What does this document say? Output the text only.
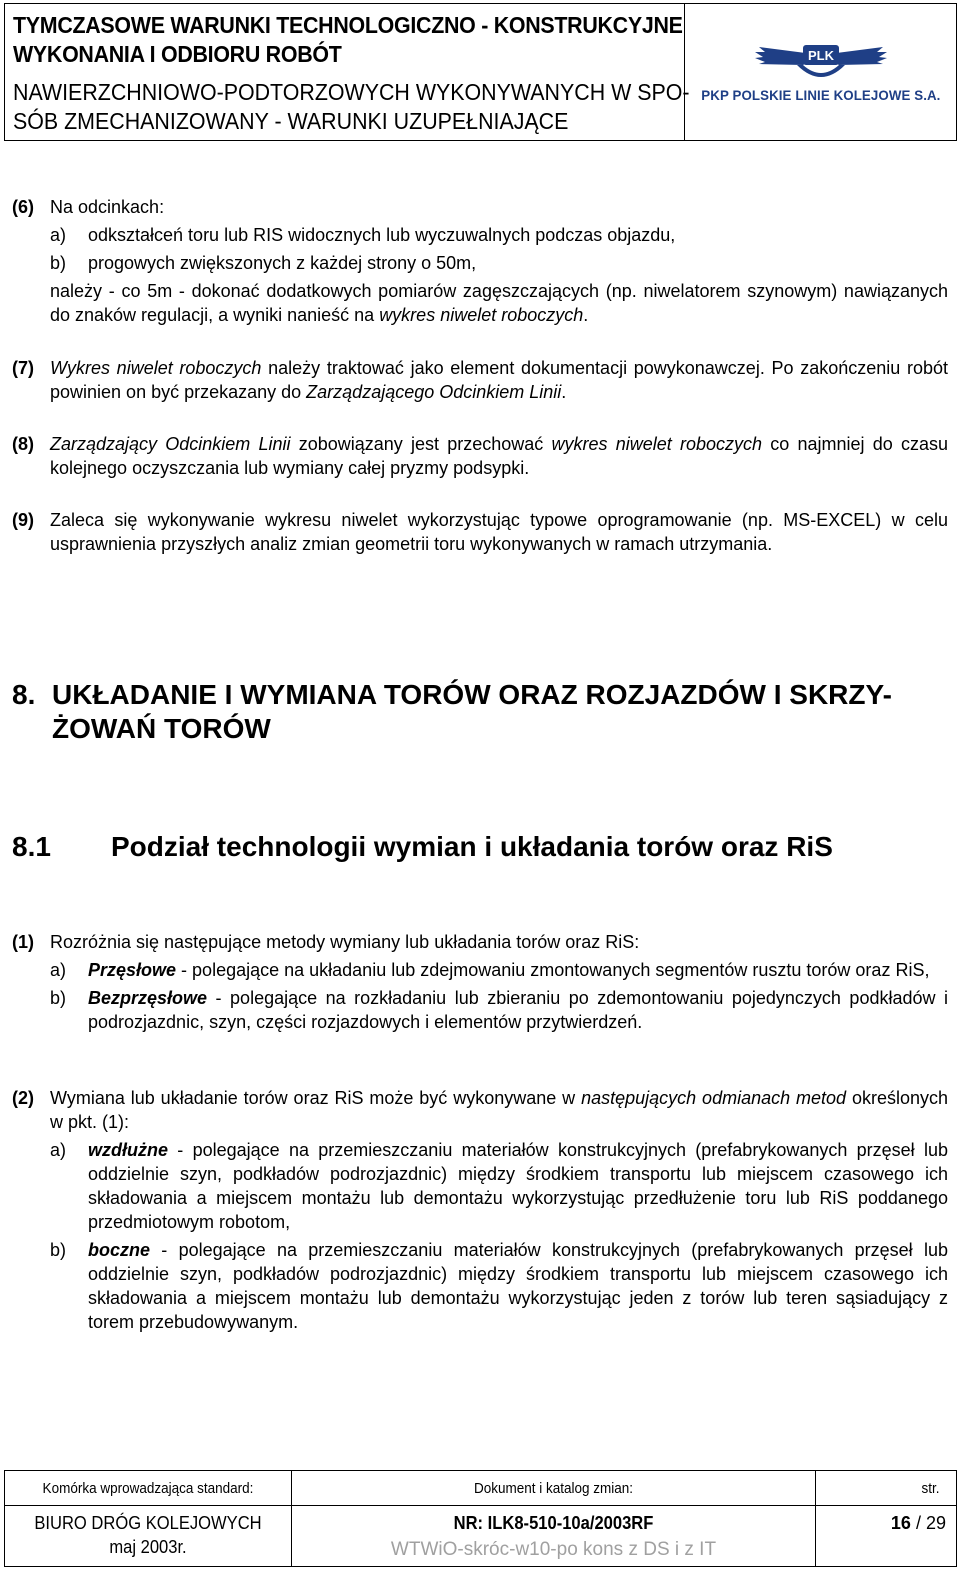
TYMCZASOWE WARUNKI TECHNOLOGICZNO - KONSTRUKCYJNE
WYKONANIA I ODBIORU ROBÓT
NAWIERZCHNIOWO-PODTORZOWYCH WYKONYWANYCH W SPO-
SÓB ZMECHANIZOWANY - WARUNKI UZUPEŁNIAJĄCE
PLK
PKP POLSKIE LINIE KOLEJOWE S.A.
(6) Na odcinkach:
a) odkształceń toru lub RIS widocznych lub wyczuwalnych podczas objazdu,
b) progowych zwiększonych z każdej strony o 50m,
należy - co 5m - dokonać dodatkowych pomiarów zagęszczających (np. niwelatorem szynowym) nawiązanych do znaków regulacji, a wyniki nanieść na wykres niwelet roboczych.
(7) Wykres niwelet roboczych należy traktować jako element dokumentacji powykonawczej. Po zakończeniu robót powinien on być przekazany do Zarządzającego Odcinkiem Linii.
(8) Zarządzający Odcinkiem Linii zobowiązany jest przechować wykres niwelet roboczych co najmniej do czasu kolejnego oczyszczania lub wymiany całej pryzmy podsypki.
(9) Zaleca się wykonywanie wykresu niwelet wykorzystując typowe oprogramowanie (np. MS-EXCEL) w celu usprawnienia przyszłych analiz zmian geometrii toru wykonywanych w ramach utrzymania.
8. UKŁADANIE I WYMIANA TORÓW ORAZ ROZJAZDÓW I SKRZY-
ŻOWAŃ TORÓW
8.1 Podział technologii wymian i układania torów oraz RiS
(1) Rozróżnia się następujące metody wymiany lub układania torów oraz RiS:
a) Przęsłowe - polegające na układaniu lub zdejmowaniu zmontowanych segmentów rusztu torów oraz RiS,
b) Bezprzęsłowe - polegające na rozkładaniu lub zbieraniu po zdemontowaniu pojedynczych podkładów i podrozjazdnic, szyn, części rozjazdowych i elementów przytwierdzeń.
(2) Wymiana lub układanie torów oraz RiS może być wykonywane w następujących odmianach metod określonych w pkt. (1):
a) wzdłużne - polegające na przemieszczaniu materiałów konstrukcyjnych (prefabrykowanych przęseł lub oddzielnie szyn, podkładów podrozjazdnic) między środkiem transportu lub miejscem czasowego ich składowania a miejscem montażu lub demontażu wykorzystując przedłużenie toru lub RiS poddanego przedmiotowym robotom,
b) boczne - polegające na przemieszczaniu materiałów konstrukcyjnych (prefabrykowanych przęseł lub oddzielnie szyn, podkładów podrozjazdnic) między środkiem transportu lub miejscem czasowego ich składowania a miejscem montażu lub demontażu wykorzystując jeden z torów lub teren sąsiadujący z torem przebudowywanym.
Komórka wprowadzająca standard:	Dokument i katalog zmian:	str.
BIURO DRÓG KOLEJOWYCH
maj 2003r.
NR: ILK8-510-10a/2003RF
WTWiO-skróc-w10-po kons z DS i z IT
16 / 29
